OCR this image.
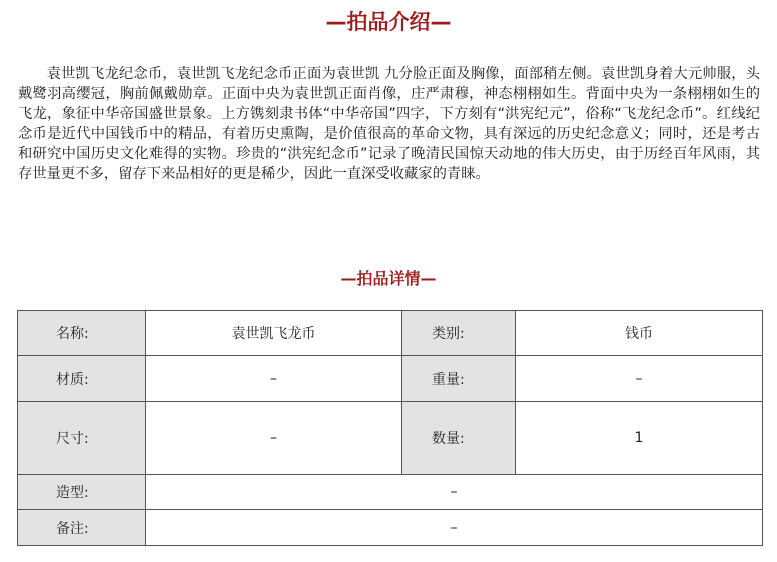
—拍品介绍—

袁世凯飞龙纪念币，袁世凯飞龙纪念币正面为袁世凯 九分脸正面及胸像，面部稍左侧。袁世凯身着大元帅服，头戴鹭羽高缨冠，胸前佩戴勋章。正面中央为袁世凯正面肖像，庄严肃穆，神态栩栩如生。背面中央为一条栩栩如生的飞龙，象征中华帝国盛世景象。上方镌刻隶书体“中华帝国”四字，下方刻有“洪宪纪元”，俗称“飞龙纪念币”。红线纪念币是近代中国钱币中的精品，有着历史熏陶，是价值很高的革命文物，具有深远的历史纪念意义；同时，还是考古和研究中国历史文化难得的实物。珍贵的“洪宪纪念币”记录了晚清民国惊天动地的伟大历史，由于历经百年风雨，其存世量更不多，留存下来品相好的更是稀少，因此一直深受收藏家的青睐。

—拍品详情—
名称:	袁世凯飞龙币	类别:	钱币
材质:	–	重量:	–
尺寸:	–	数量:	1
造型:	–		
备注:	–		
